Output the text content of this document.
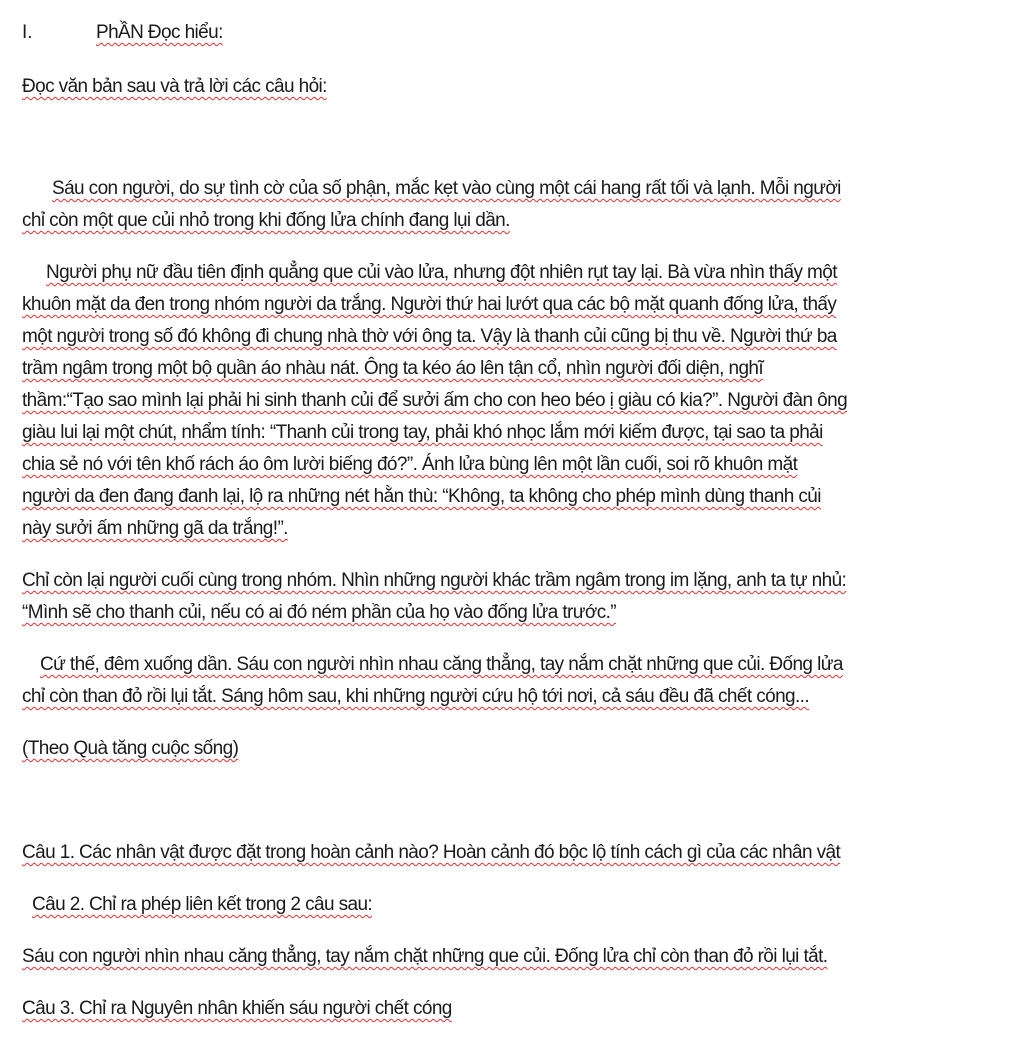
I.	PhẦN Đọc hiểu:
Đọc văn bản sau và trả lời các câu hỏi:
Sáu con người, do sự tình cờ của số phận, mắc kẹt vào cùng một cái hang rất tối và lạnh. Mỗi người
chỉ còn một que củi nhỏ trong khi đống lửa chính đang lụi dần.
Người phụ nữ đầu tiên định quẳng que củi vào lửa, nhưng đột nhiên rụt tay lại. Bà vừa nhìn thấy một
khuôn mặt da đen trong nhóm người da trắng. Người thứ hai lướt qua các bộ mặt quanh đống lửa, thấy
một người trong số đó không đi chung nhà thờ với ông ta. Vậy là thanh củi cũng bị thu về. Người thứ ba
trầm ngâm trong một bộ quần áo nhàu nát. Ông ta kéo áo lên tận cổ, nhìn người đối diện, nghĩ
thầm:“Tạo sao mình lại phải hi sinh thanh củi để sưởi ấm cho con heo béo ị giàu có kia?”. Người đàn ông
giàu lui lại một chút, nhẩm tính: “Thanh củi trong tay, phải khó nhọc lắm mới kiếm được, tại sao ta phải
chia sẻ nó với tên khố rách áo ôm lười biếng đó?”. Ánh lửa bùng lên một lần cuối, soi rõ khuôn mặt
người da đen đang đanh lại, lộ ra những nét hằn thù: “Không, ta không cho phép mình dùng thanh củi
này sưởi ấm những gã da trắng!”.
Chỉ còn lại người cuối cùng trong nhóm. Nhìn những người khác trầm ngâm trong im lặng, anh ta tự nhủ:
“Mình sẽ cho thanh củi, nếu có ai đó ném phần của họ vào đống lửa trước.”
Cứ thế, đêm xuống dần. Sáu con người nhìn nhau căng thẳng, tay nắm chặt những que củi. Đống lửa
chỉ còn than đỏ rồi lụi tắt. Sáng hôm sau, khi những người cứu hộ tới nơi, cả sáu đều đã chết cóng...
(Theo Quà tăng cuộc sống)
Câu 1. Các nhân vật được đặt trong hoàn cảnh nào? Hoàn cảnh đó bộc lộ tính cách gì của các nhân vật
Câu 2. Chỉ ra phép liên kết trong 2 câu sau:
Sáu con người nhìn nhau căng thẳng, tay nắm chặt những que củi. Đống lửa chỉ còn than đỏ rồi lụi tắt.
Câu 3. Chỉ ra Nguyên nhân khiến sáu người chết cóng
